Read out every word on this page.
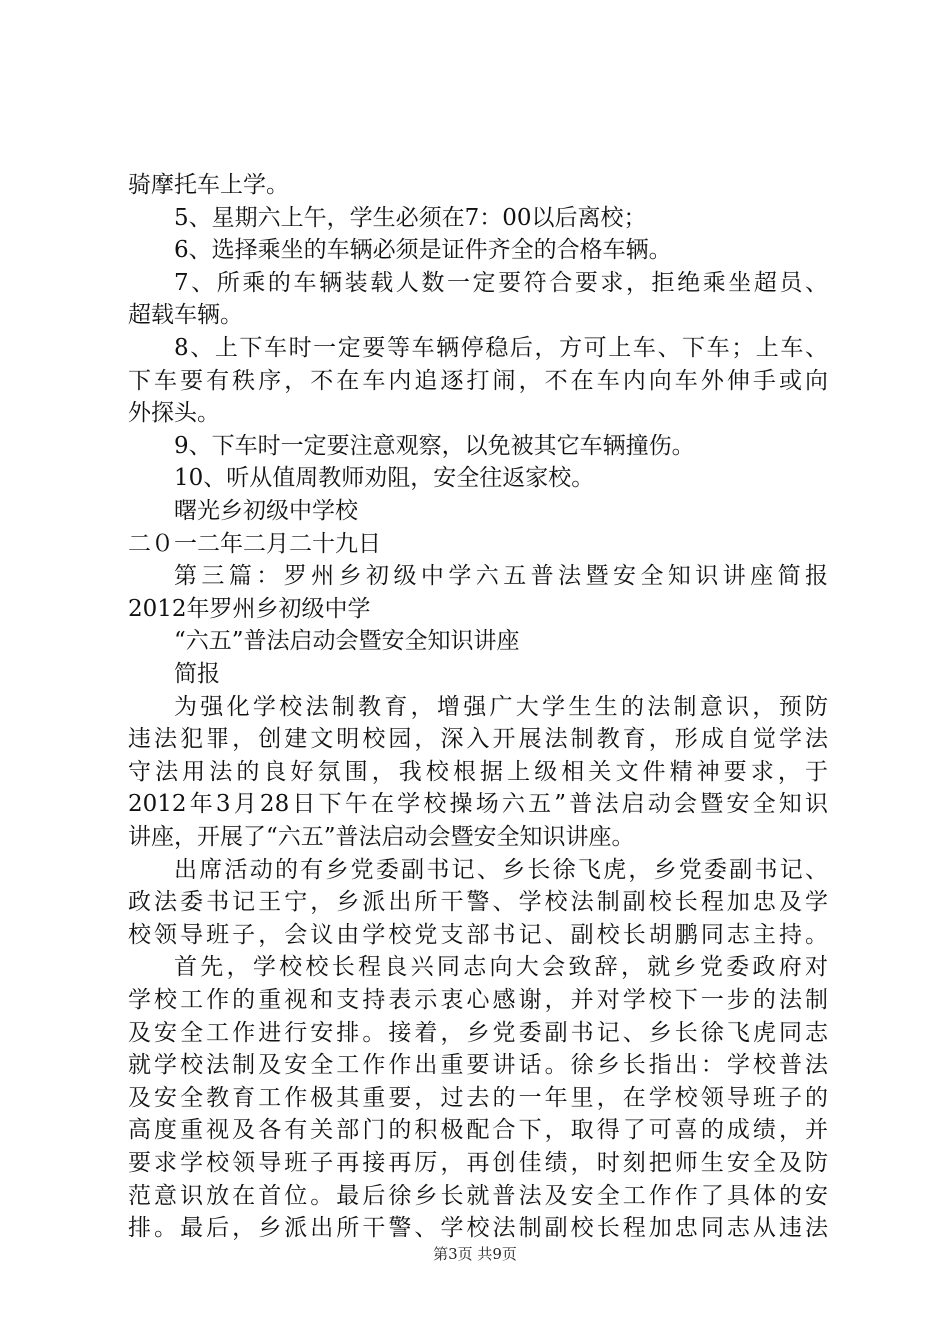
骑摩托车上学。
5、星期六上午，学生必须在7：00以后离校；
6、选择乘坐的车辆必须是证件齐全的合格车辆。
7、所乘的车辆装载人数一定要符合要求，拒绝乘坐超员、
超载车辆。
8、上下车时一定要等车辆停稳后，方可上车、下车；上车、
下车要有秩序，不在车内追逐打闹，不在车内向车外伸手或向
外探头。
9、下车时一定要注意观察，以免被其它车辆撞伤。
10、听从值周教师劝阻，安全往返家校。
曙光乡初级中学校
二０一二年二月二十九日
第三篇：罗州乡初级中学六五普法暨安全知识讲座简报
2012年罗州乡初级中学
“六五”普法启动会暨安全知识讲座
简报
为强化学校法制教育，增强广大学生生的法制意识，预防
违法犯罪，创建文明校园，深入开展法制教育，形成自觉学法
守法用法的良好氛围，我校根据上级相关文件精神要求，于
2012年3月28日下午在学校操场六五”普法启动会暨安全知识
讲座，开展了“六五”普法启动会暨安全知识讲座。
出席活动的有乡党委副书记、乡长徐飞虎，乡党委副书记、
政法委书记王宁，乡派出所干警、学校法制副校长程加忠及学
校领导班子，会议由学校党支部书记、副校长胡鹏同志主持。
首先，学校校长程良兴同志向大会致辞，就乡党委政府对
学校工作的重视和支持表示衷心感谢，并对学校下一步的法制
及安全工作进行安排。接着，乡党委副书记、乡长徐飞虎同志
就学校法制及安全工作作出重要讲话。徐乡长指出：学校普法
及安全教育工作极其重要，过去的一年里，在学校领导班子的
高度重视及各有关部门的积极配合下，取得了可喜的成绩，并
要求学校领导班子再接再厉，再创佳绩，时刻把师生安全及防
范意识放在首位。最后徐乡长就普法及安全工作作了具体的安
排。最后，乡派出所干警、学校法制副校长程加忠同志从违法
第3页 共9页
